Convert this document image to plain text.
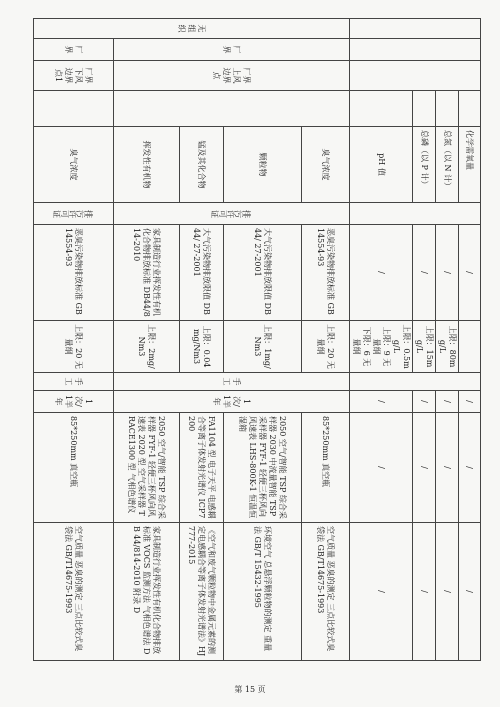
				化学需氧量		/			/	/	/
				总氮（以 N 计）		/	上限：80mg/L		/	/	/
				总磷（以 P 计）		/	上限：15mg/L		/	/	/
				pH 值		/	上限：0.5mg/L
上限：9 无量纲
下限：6 无量纲		/	/	/
无组织	厂界	厂界上风边界点		臭气浓度	排污许可证	恶臭污染物排放标准 GB 14554-93	上限：20 无量纲	手工	1次/1半年	85*250mm 真空瓶	空气质量 恶臭的测定 三点比较式臭袋法 GB/T14675-1993
				颗粒物		大气污染物排放限值 DB44/ 27-2001	上限：1mg/Nm3			2050 空气/智能 TSP 综合采样器 2030 中流量智能 TSP 采样器 FYF-1 轻便三杯风向风速表 LHS-800K-1 恒温恒湿箱	环境空气 总悬浮颗粒物的测定 重量法 GB/T 15432-1995
				锰及其化合物		大气污染物排放限值 DB44/ 27-2001	上限：0.04mg/Nm3			FA1104 型 电子天平 电感耦合等离子体发射光谱仪 ICP7200	《空气和废气颗粒物中金属元素的测定电感耦合等离子体发射光谱法》HJ 777-2015
				挥发性有机物		家具制造行业挥发性有机化合物排放标准 DB44/814-2010	上限：2mg/Nm3			2050 空气/智能 TSP 综合采样器 FYF-1 轻便三杯风向风速表 2020 型 空气采样器 TRACE1300 型 气相色谱仪	家具制造行业挥发性有机化合物排放标准 VOCS 监测方法 气相色谱法 DB 44/814-2010 附录 D
	厂界	厂界下风边界点1		臭气浓度	排污许可证	恶臭污染物排放标准 GB 14554-93	上限：20 无量纲	手工	1次/1半年	85*250mm 真空瓶	空气质量 恶臭的测定 三点比较式臭袋法 GB/T14675-1993
第 15 页
